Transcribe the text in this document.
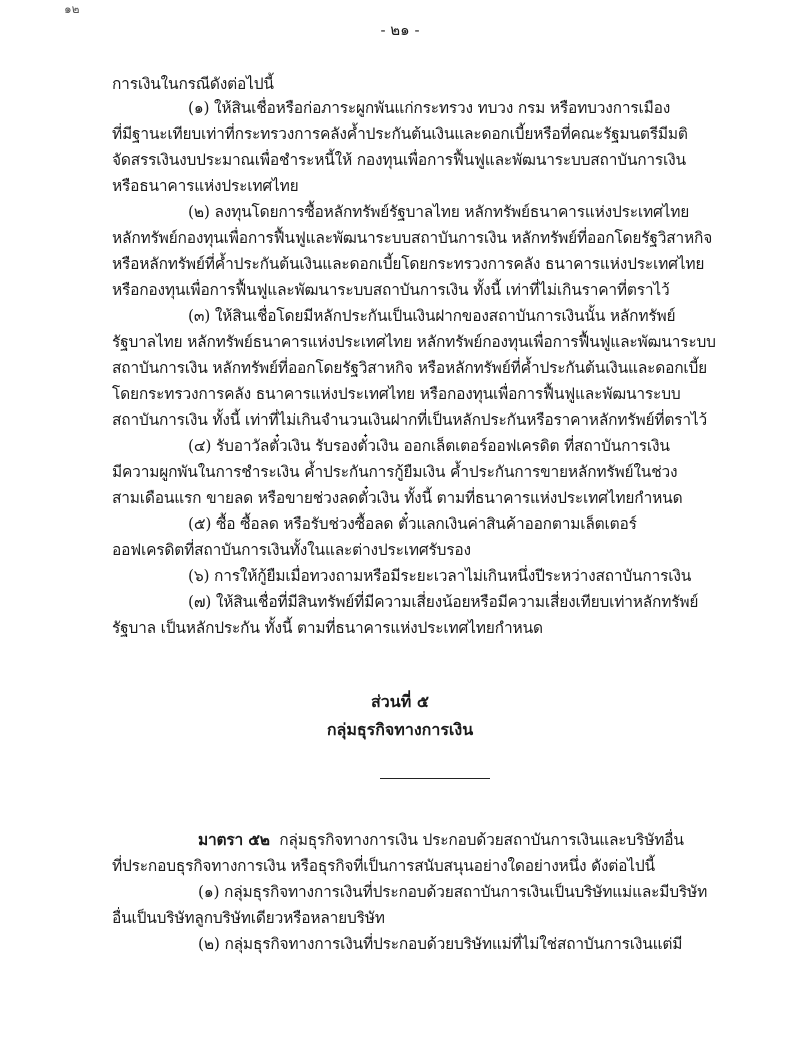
๑๒
- ๒๑ -
การเงินในกรณีดังต่อไปนี้
(๑) ให้สินเชื่อหรือก่อภาระผูกพันแก่กระทรวง ทบวง กรม หรือทบวงการเมือง
ที่มีฐานะเทียบเท่าที่กระทรวงการคลังค้ำประกันต้นเงินและดอกเบี้ยหรือที่คณะรัฐมนตรีมีมติ
จัดสรรเงินงบประมาณเพื่อชำระหนี้ให้ กองทุนเพื่อการฟื้นฟูและพัฒนาระบบสถาบันการเงิน
หรือธนาคารแห่งประเทศไทย
(๒) ลงทุนโดยการซื้อหลักทรัพย์รัฐบาลไทย หลักทรัพย์ธนาคารแห่งประเทศไทย
หลักทรัพย์กองทุนเพื่อการฟื้นฟูและพัฒนาระบบสถาบันการเงิน หลักทรัพย์ที่ออกโดยรัฐวิสาหกิจ
หรือหลักทรัพย์ที่ค้ำประกันต้นเงินและดอกเบี้ยโดยกระทรวงการคลัง ธนาคารแห่งประเทศไทย
หรือกองทุนเพื่อการฟื้นฟูและพัฒนาระบบสถาบันการเงิน ทั้งนี้ เท่าที่ไม่เกินราคาที่ตราไว้
(๓) ให้สินเชื่อโดยมีหลักประกันเป็นเงินฝากของสถาบันการเงินนั้น หลักทรัพย์
รัฐบาลไทย หลักทรัพย์ธนาคารแห่งประเทศไทย หลักทรัพย์กองทุนเพื่อการฟื้นฟูและพัฒนาระบบ
สถาบันการเงิน หลักทรัพย์ที่ออกโดยรัฐวิสาหกิจ หรือหลักทรัพย์ที่ค้ำประกันต้นเงินและดอกเบี้ย
โดยกระทรวงการคลัง ธนาคารแห่งประเทศไทย หรือกองทุนเพื่อการฟื้นฟูและพัฒนาระบบ
สถาบันการเงิน ทั้งนี้ เท่าที่ไม่เกินจำนวนเงินฝากที่เป็นหลักประกันหรือราคาหลักทรัพย์ที่ตราไว้
(๔) รับอาวัลตั๋วเงิน รับรองตั๋วเงิน ออกเล็ตเตอร์ออฟเครดิต ที่สถาบันการเงิน
มีความผูกพันในการชำระเงิน ค้ำประกันการกู้ยืมเงิน ค้ำประกันการขายหลักทรัพย์ในช่วง
สามเดือนแรก ขายลด หรือขายช่วงลดตั๋วเงิน ทั้งนี้ ตามที่ธนาคารแห่งประเทศไทยกำหนด
(๕) ซื้อ ซื้อลด หรือรับช่วงซื้อลด ตั๋วแลกเงินค่าสินค้าออกตามเล็ตเตอร์
ออฟเครดิตที่สถาบันการเงินทั้งในและต่างประเทศรับรอง
(๖) การให้กู้ยืมเมื่อทวงถามหรือมีระยะเวลาไม่เกินหนึ่งปีระหว่างสถาบันการเงิน
(๗) ให้สินเชื่อที่มีสินทรัพย์ที่มีความเสี่ยงน้อยหรือมีความเสี่ยงเทียบเท่าหลักทรัพย์
รัฐบาล เป็นหลักประกัน ทั้งนี้ ตามที่ธนาคารแห่งประเทศไทยกำหนด
ส่วนที่ ๕
กลุ่มธุรกิจทางการเงิน
มาตรา ๕๒ กลุ่มธุรกิจทางการเงิน ประกอบด้วยสถาบันการเงินและบริษัทอื่น
ที่ประกอบธุรกิจทางการเงิน หรือธุรกิจที่เป็นการสนับสนุนอย่างใดอย่างหนึ่ง ดังต่อไปนี้
(๑) กลุ่มธุรกิจทางการเงินที่ประกอบด้วยสถาบันการเงินเป็นบริษัทแม่และมีบริษัท
อื่นเป็นบริษัทลูกบริษัทเดียวหรือหลายบริษัท
(๒) กลุ่มธุรกิจทางการเงินที่ประกอบด้วยบริษัทแม่ที่ไม่ใช่สถาบันการเงินแต่มี
